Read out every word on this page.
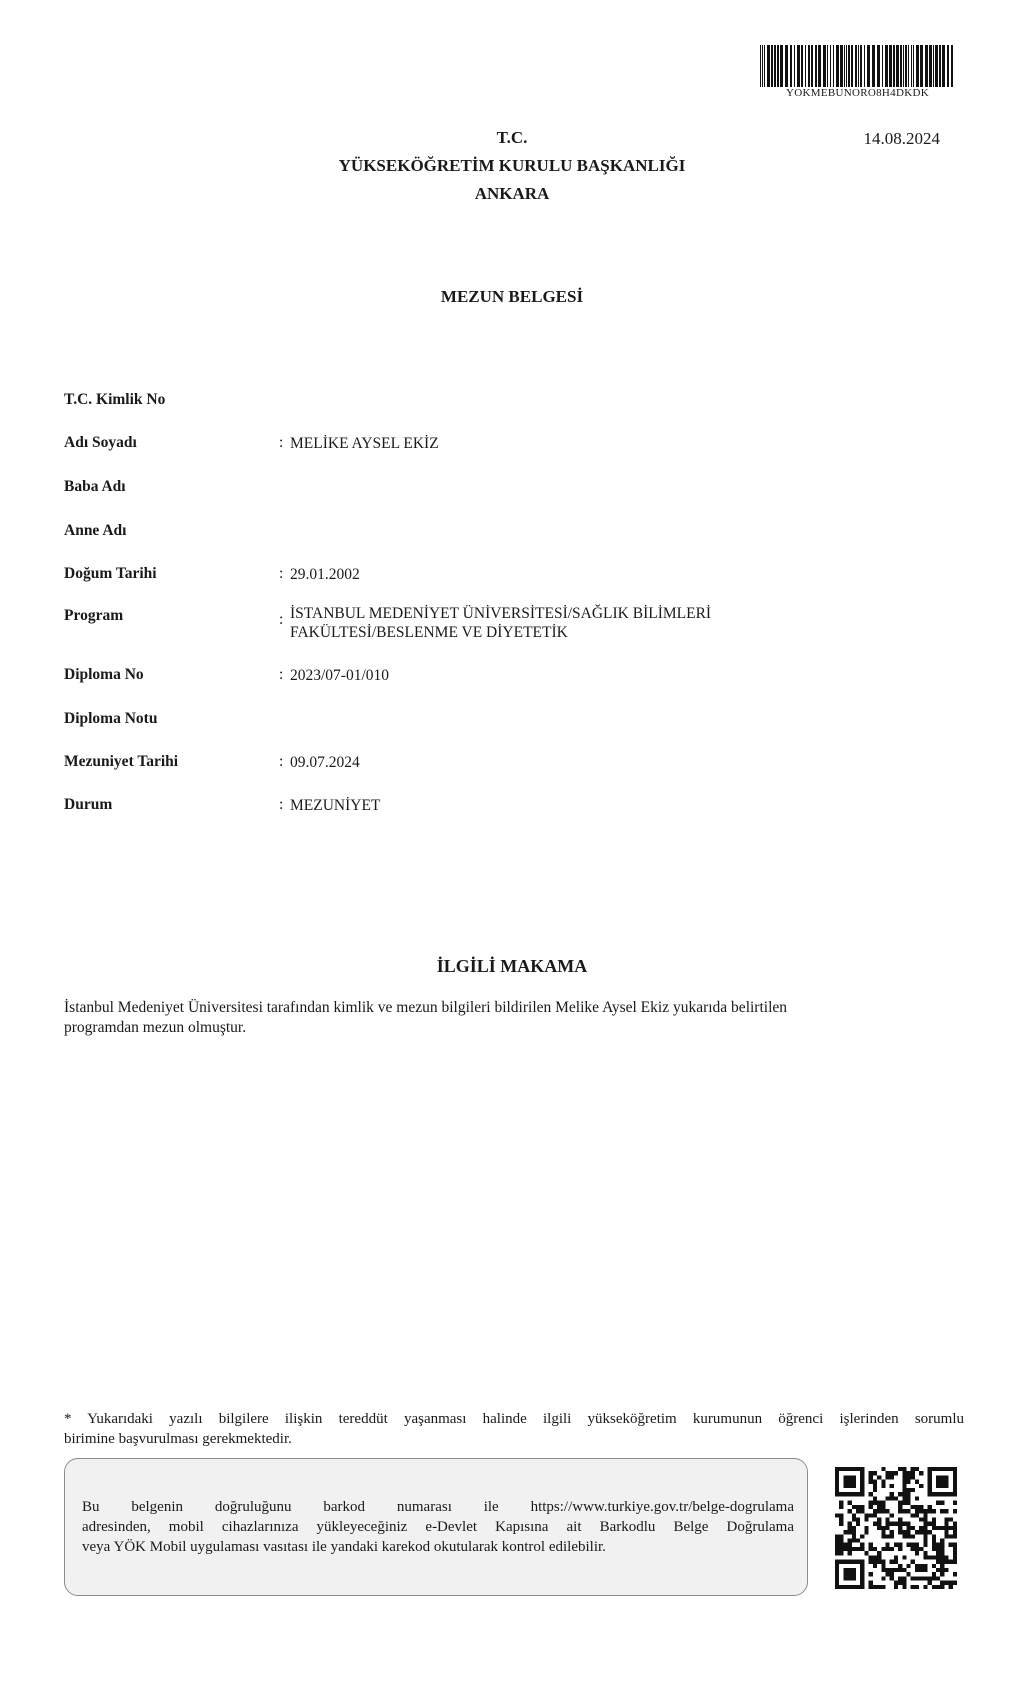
YOKMEBUNORO8H4DKDK
14.08.2024
T.C.
YÜKSEKÖĞRETİM KURULU BAŞKANLIĞI
ANKARA
MEZUN BELGESİ
T.C. Kimlik No
Adı Soyadı	: MELİKE AYSEL EKİZ
Baba Adı
Anne Adı
Doğum Tarihi	: 29.01.2002
Program	: İSTANBUL MEDENİYET ÜNİVERSİTESİ/SAĞLIK BİLİMLERİ
FAKÜLTESİ/BESLENME VE DİYETETİK
Diploma No	: 2023/07-01/010
Diploma Notu
Mezuniyet Tarihi	: 09.07.2024
Durum	: MEZUNİYET
İLGİLİ MAKAMA
İstanbul Medeniyet Üniversitesi tarafından kimlik ve mezun bilgileri bildirilen Melike Aysel Ekiz yukarıda belirtilen
programdan mezun olmuştur.
* Yukarıdaki yazılı bilgilere ilişkin tereddüt yaşanması halinde ilgili yükseköğretim kurumunun öğrenci işlerinden sorumlu
birimine başvurulması gerekmektedir.
Bu belgenin doğruluğunu barkod numarası ile https://www.turkiye.gov.tr/belge-dogrulama
adresinden, mobil cihazlarınıza yükleyeceğiniz e-Devlet Kapısına ait Barkodlu Belge Doğrulama
veya YÖK Mobil uygulaması vasıtası ile yandaki karekod okutularak kontrol edilebilir.
